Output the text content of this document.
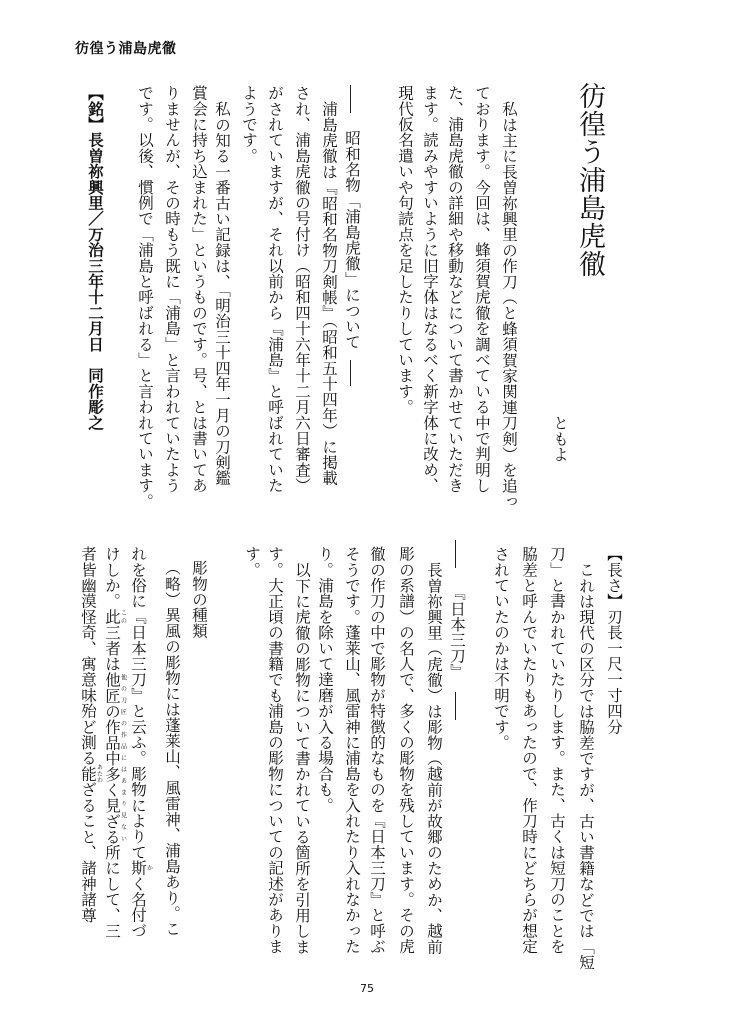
彷徨う浦島虎徹
彷徨う浦島虎徹
ともよ
私は主に長曽祢興里の作刀（と蜂須賀家関連刀剣）を追っ
ております。今回は、蜂須賀虎徹を調べている中で判明し
た、浦島虎徹の詳細や移動などについて書かせていただき
ます。読みやすいように旧字体はなるべく新字体に改め、
現代仮名遣いや句読点を足したりしています。
昭和名物「浦島虎徹」について
浦島虎徹は『昭和名物刀剣帳』（昭和五十四年）に掲載
され、浦島虎徹の号付け（昭和四十六年十二月六日審査）
がされていますが、それ以前から『浦島』と呼ばれていた
ようです。
私の知る一番古い記録は、「明治三十四年一月の刀剣鑑
賞会に持ち込まれた」というものです。号、とは書いてあ
りませんが、その時もう既に「浦島」と言われていたよう
です。以後、慣例で「浦島と呼ばれる」と言われています。
【銘】長曽祢興里／万治三年十二月日　同作彫之
【長さ】刃長一尺一寸四分
これは現代の区分では脇差ですが、古い書籍などでは「短
刀」と書かれていたりします。また、古くは短刀のことを
脇差と呼んでいたりもあったので、作刀時にどちらが想定
されていたのかは不明です。
『日本三刀』
長曽祢興里（虎徹）は彫物（越前が故郷のためか、越前
彫の系譜）の名人で、多くの彫物を残しています。その虎
徹の作刀の中で彫物が特徴的なものを『日本三刀』と呼ぶ
そうです。蓬莱山、風雷神に浦島を入れたり入れなかった
り。浦島を除いて達磨が入る場合も。
以下に虎徹の彫物について書かれている箇所を引用しま
す。大正頃の書籍でも浦島の彫物についての記述がありま
す。
彫物の種類
（略）異風の彫物には蓬莱山、風雷神、浦島あり。こ
れを俗に『日本三刀』と云ふ。彫物によりて斯かく名付づ
けしか。此この三者は他匠の作品中多く見ざる他の刀匠の作品にはあまり見ない所にして、三
者皆幽漠怪奇、寓意味殆ど測る能あたわざること、諸神諸尊
75
